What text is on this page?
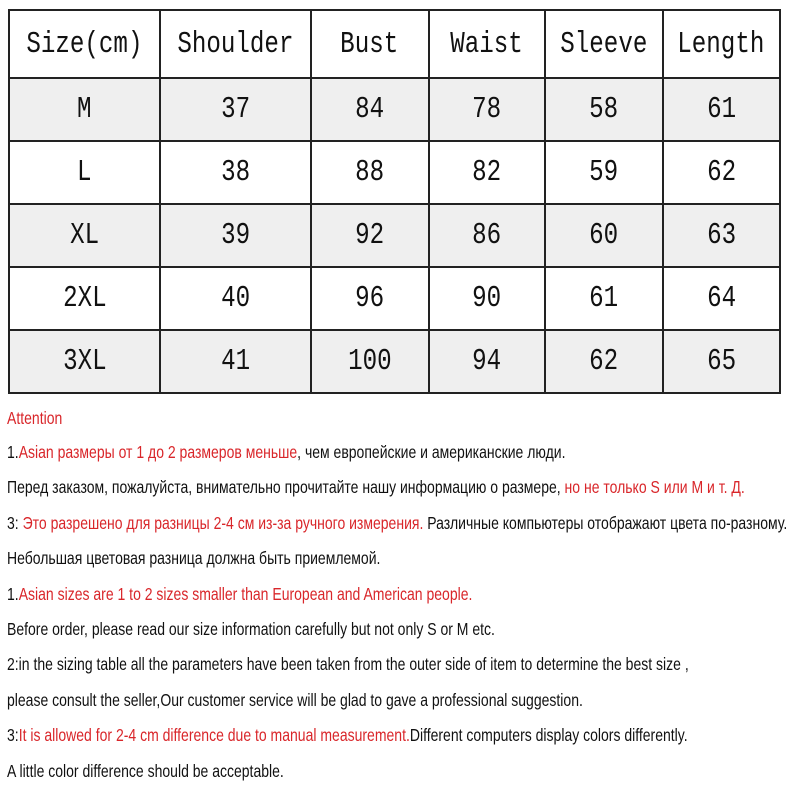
Size(cm)	Shoulder	Bust	Waist	Sleeve	Length
M	37	84	78	58	61
L	38	88	82	59	62
XL	39	92	86	60	63
2XL	40	96	90	61	64
3XL	41	100	94	62	65
Attention
1.Asian размеры от 1 до 2 размеров меньше, чем европейские и американские люди.
Перед заказом, пожалуйста, внимательно прочитайте нашу информацию о размере, но не только S или M и т. Д.
3: Это разрешено для разницы 2-4 см из-за ручного измерения. Различные компьютеры отображают цвета по-разному.
Небольшая цветовая разница должна быть приемлемой.
1.Asian sizes are 1 to 2 sizes smaller than European and American people.
Before order, please read our size information carefully but not only S or M etc.
2:in the sizing table all the parameters have been taken from the outer side of item to determine the best size ,
please consult the seller,Our customer service will be glad to gave a professional suggestion.
3:It is allowed for 2-4 cm difference due to manual measurement.Different computers display colors differently.
A little color difference should be acceptable.
